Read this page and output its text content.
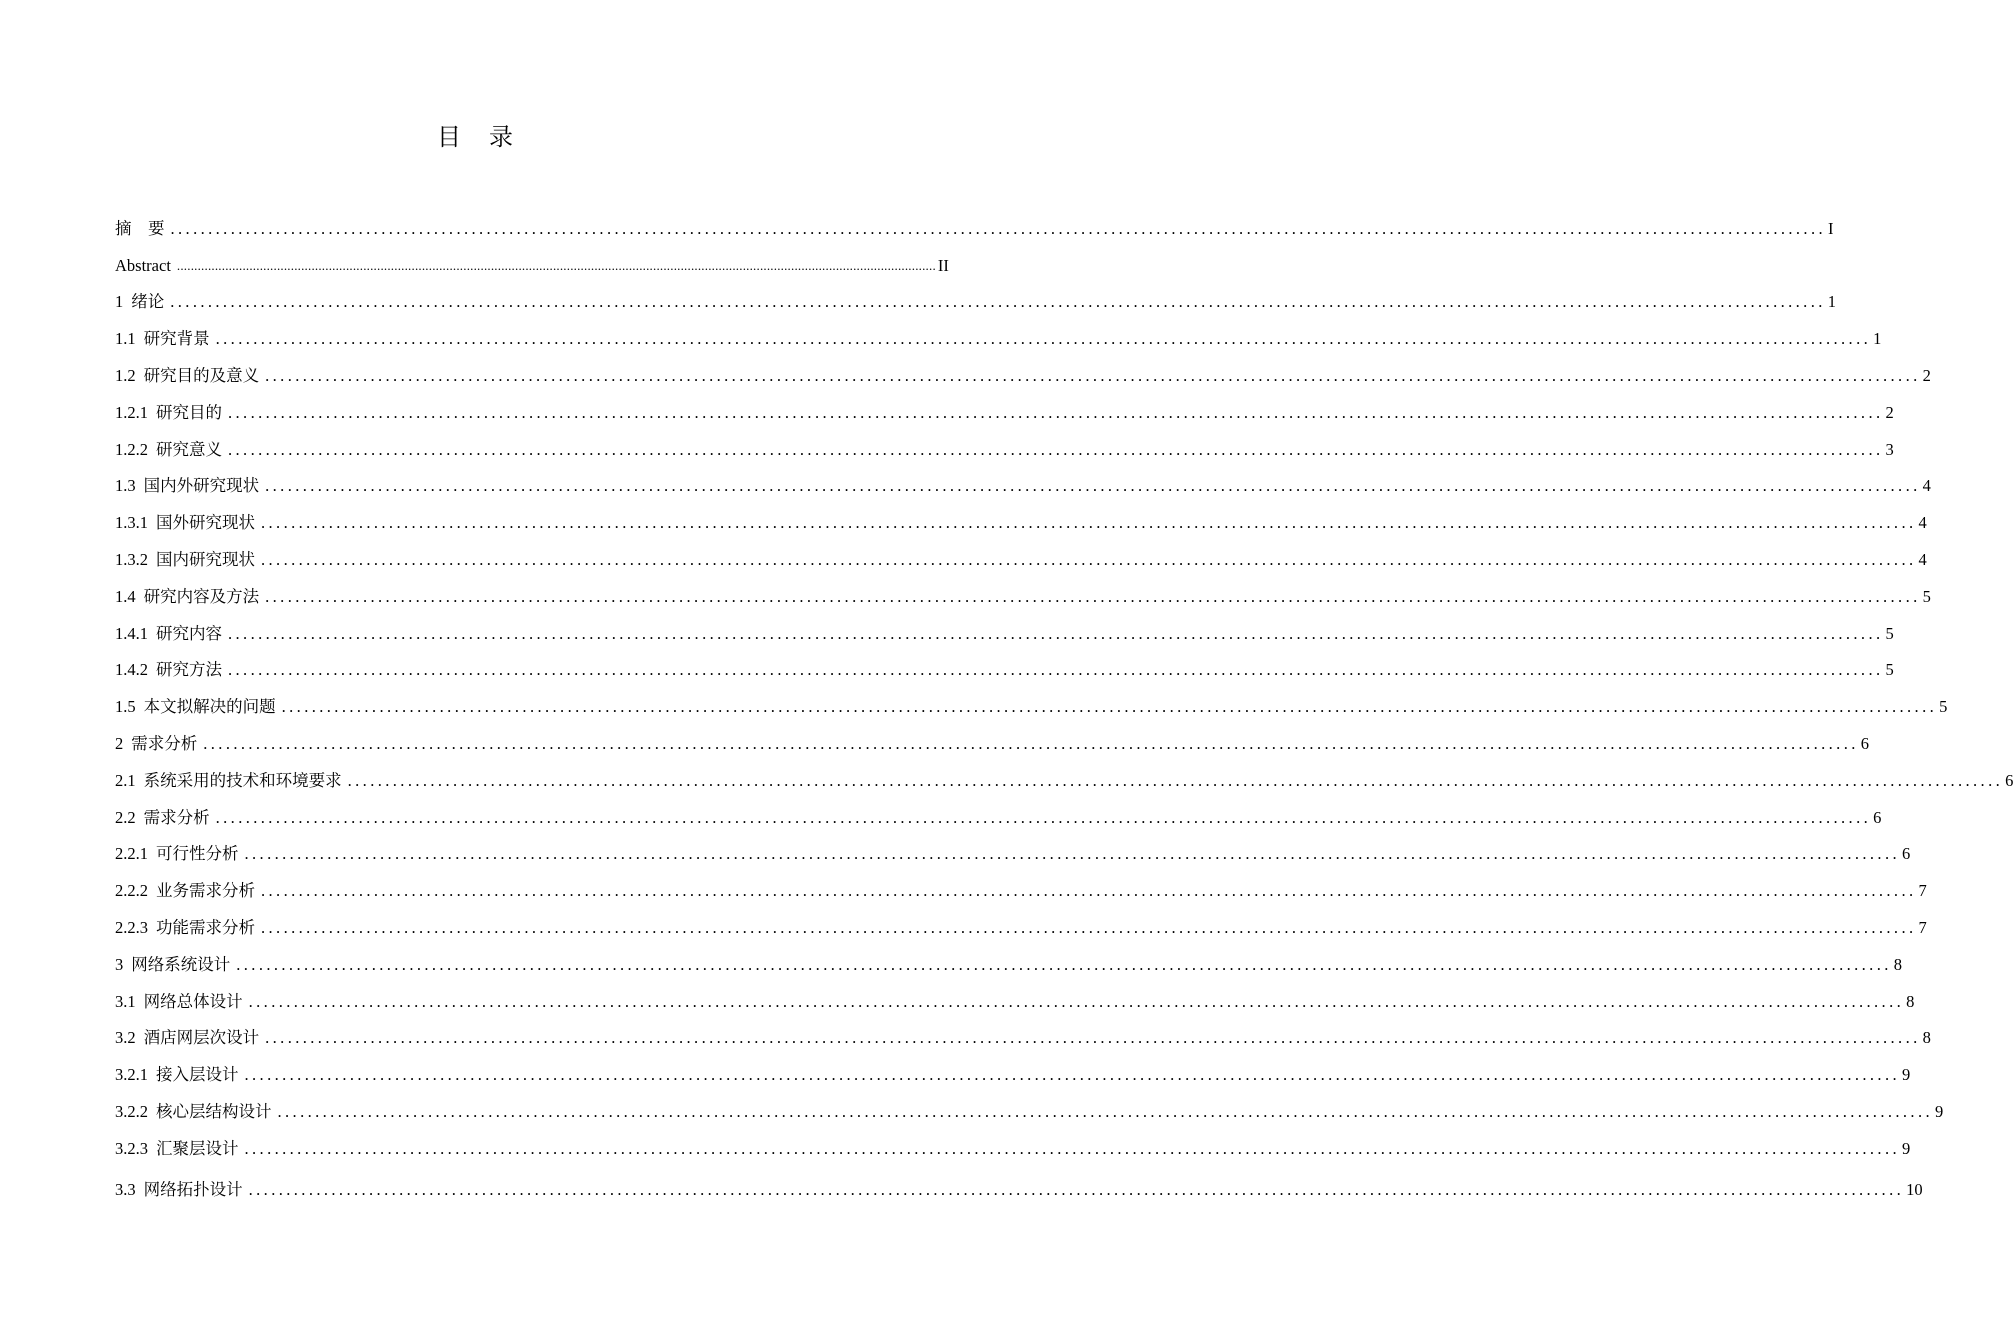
目 录
摘　要 ............................................................................................................................................................................................................................ I
Abstract ............................................................................................................................................................................................................................ II
1 绪论 ............................................................................................................................................................................................................................ 1
1.1 研究背景 ............................................................................................................................................................................................................................ 1
1.2 研究目的及意义 ............................................................................................................................................................................................................................ 2
1.2.1 研究目的 ............................................................................................................................................................................................................................ 2
1.2.2 研究意义 ............................................................................................................................................................................................................................ 3
1.3 国内外研究现状 ............................................................................................................................................................................................................................ 4
1.3.1 国外研究现状 ............................................................................................................................................................................................................................ 4
1.3.2 国内研究现状 ............................................................................................................................................................................................................................ 4
1.4 研究内容及方法 ............................................................................................................................................................................................................................ 5
1.4.1 研究内容 ............................................................................................................................................................................................................................ 5
1.4.2 研究方法 ............................................................................................................................................................................................................................ 5
1.5 本文拟解决的问题 ............................................................................................................................................................................................................................ 5
2 需求分析 ............................................................................................................................................................................................................................ 6
2.1 系统采用的技术和环境要求 ............................................................................................................................................................................................................................ 6
2.2 需求分析 ............................................................................................................................................................................................................................ 6
2.2.1 可行性分析 ............................................................................................................................................................................................................................ 6
2.2.2 业务需求分析 ............................................................................................................................................................................................................................ 7
2.2.3 功能需求分析 ............................................................................................................................................................................................................................ 7
3 网络系统设计 ............................................................................................................................................................................................................................ 8
3.1 网络总体设计 ............................................................................................................................................................................................................................ 8
3.2 酒店网层次设计 ............................................................................................................................................................................................................................ 8
3.2.1 接入层设计 ............................................................................................................................................................................................................................ 9
3.2.2 核心层结构设计 ............................................................................................................................................................................................................................ 9
3.2.3 汇聚层设计 ............................................................................................................................................................................................................................ 9
3.3 网络拓扑设计 ............................................................................................................................................................................................................................ 10
